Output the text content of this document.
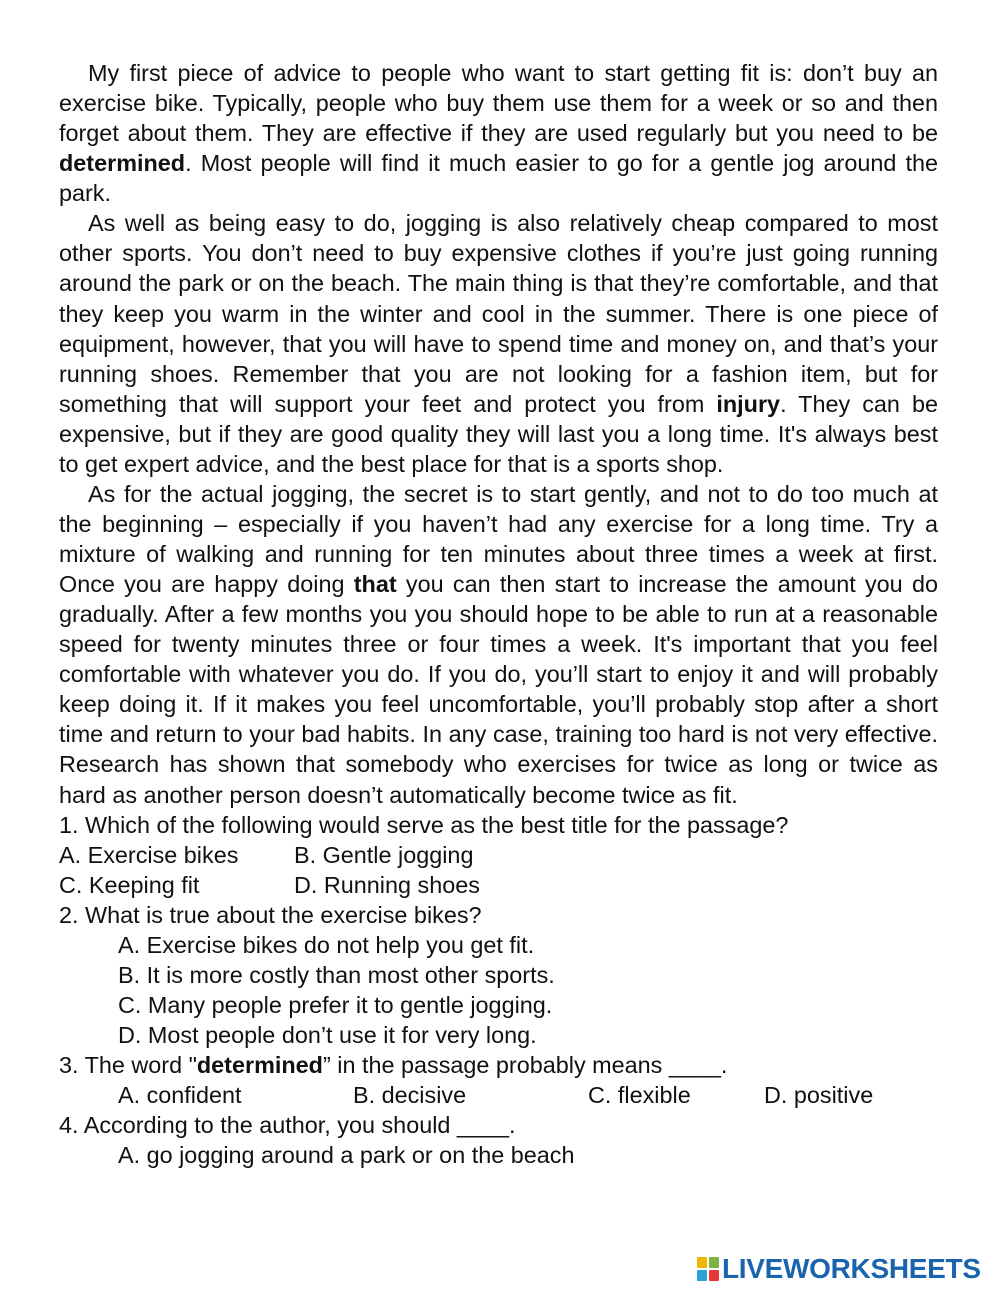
My first piece of advice to people who want to start getting fit is: don’t buy an exercise bike. Typically, people who buy them use them for a week or so and then forget about them. They are effective if they are used regularly but you need to be determined. Most people will find it much easier to go for a gentle jog around the park.

As well as being easy to do, jogging is also relatively cheap compared to most other sports. You don’t need to buy expensive clothes if you’re just going running around the park or on the beach. The main thing is that they’re comfortable, and that they keep you warm in the winter and cool in the summer. There is one piece of equipment, however, that you will have to spend time and money on, and that’s your running shoes. Remember that you are not looking for a fashion item, but for something that will support your feet and protect you from injury. They can be expensive, but if they are good quality they will last you a long time. It's always best to get expert advice, and the best place for that is a sports shop.

As for the actual jogging, the secret is to start gently, and not to do too much at the beginning – especially if you haven’t had any exercise for a long time. Try a mixture of walking and running for ten minutes about three times a week at first. Once you are happy doing that you can then start to increase the amount you do gradually. After a few months you you should hope to be able to run at a reasonable speed for twenty minutes three or four times a week. It's important that you feel comfortable with whatever you do. If you do, you’ll start to enjoy it and will probably keep doing it. If it makes you feel uncomfortable, you’ll probably stop after a short time and return to your bad habits. In any case, training too hard is not very effective. Research has shown that somebody who exercises for twice as long or twice as hard as another person doesn’t automatically become twice as fit.

1. Which of the following would serve as the best title for the passage?

A. Exercise bikes	B. Gentle jogging
C. Keeping fit	D. Running shoes

2. What is true about the exercise bikes?

A. Exercise bikes do not help you get fit.

B. It is more costly than most other sports.

C. Many people prefer it to gentle jogging.

D. Most people don’t use it for very long.

3. The word "determined” in the passage probably means ____.

A. confident	B. decisive	C. flexible	D. positive

4. According to the author, you should ____.

A. go jogging around a park or on the beach

LIVEWORKSHEETS
